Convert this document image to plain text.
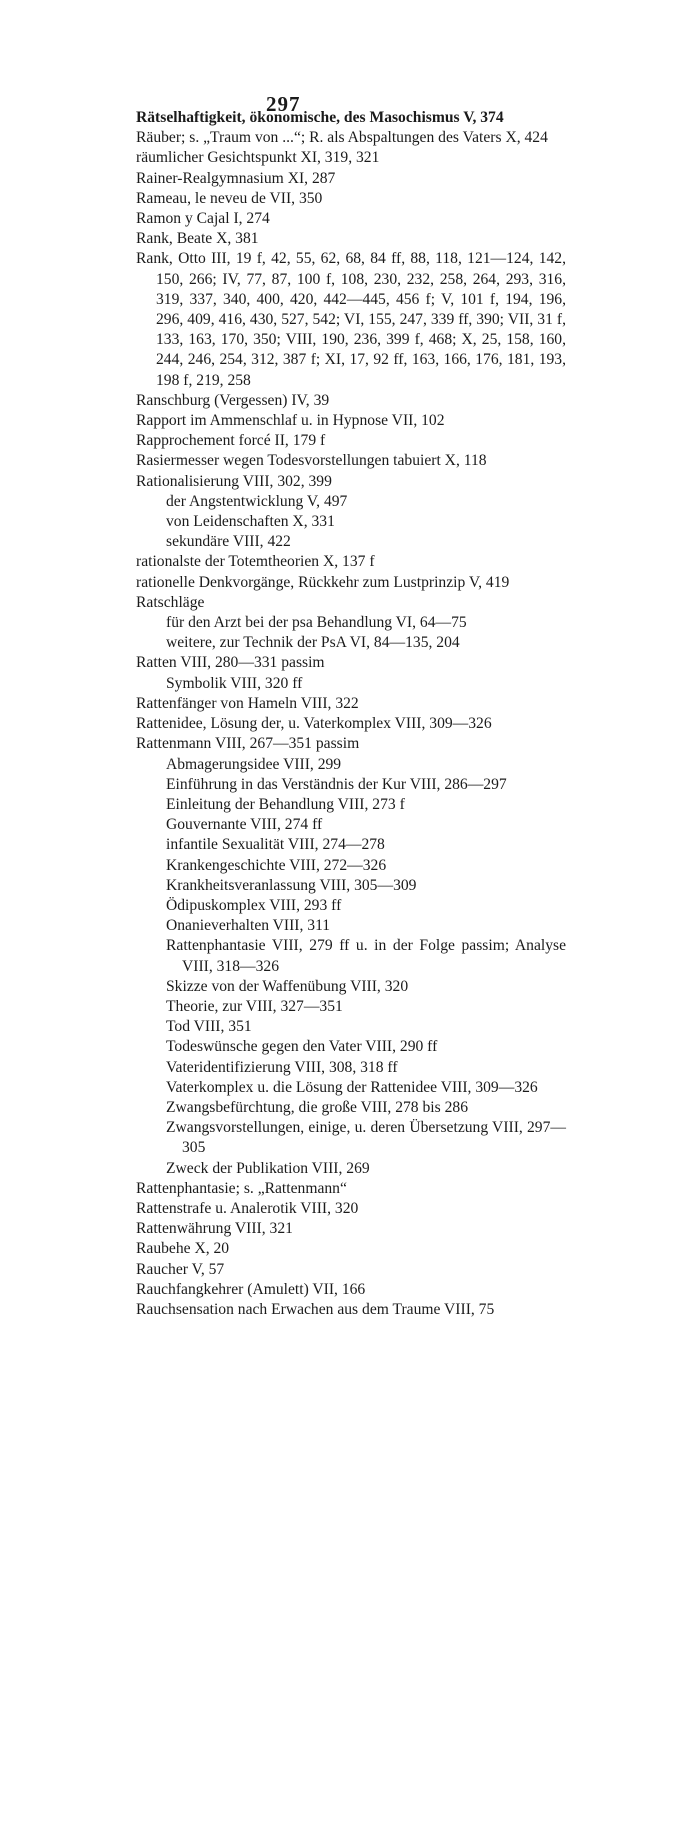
297

Rätselhaftigkeit, ökonomische, des Masochismus V, 374

Räuber; s. „Traum von ...“; R. als Abspaltungen des Vaters X, 424

räumlicher Gesichtspunkt XI, 319, 321

Rainer-Realgymnasium XI, 287

Rameau, le neveu de VII, 350

Ramon y Cajal I, 274

Rank, Beate X, 381

Rank, Otto III, 19 f, 42, 55, 62, 68, 84 ff, 88, 118, 121—124, 142, 150, 266; IV, 77, 87, 100 f, 108, 230, 232, 258, 264, 293, 316, 319, 337, 340, 400, 420, 442—445, 456 f; V, 101 f, 194, 196, 296, 409, 416, 430, 527, 542; VI, 155, 247, 339 ff, 390; VII, 31 f, 133, 163, 170, 350; VIII, 190, 236, 399 f, 468; X, 25, 158, 160, 244, 246, 254, 312, 387 f; XI, 17, 92 ff, 163, 166, 176, 181, 193, 198 f, 219, 258

Ranschburg (Vergessen) IV, 39

Rapport im Ammenschlaf u. in Hypnose VII, 102

Rapprochement forcé II, 179 f

Rasiermesser wegen Todesvorstellungen tabuiert X, 118

Rationalisierung VIII, 302, 399

der Angstentwicklung V, 497

von Leidenschaften X, 331

sekundäre VIII, 422

rationalste der Totemtheorien X, 137 f

rationelle Denkvorgänge, Rückkehr zum Lustprinzip V, 419

Ratschläge

für den Arzt bei der psa Behandlung VI, 64—75

weitere, zur Technik der PsA VI, 84—135, 204

Ratten VIII, 280—331 passim

Symbolik VIII, 320 ff

Rattenfänger von Hameln VIII, 322

Rattenidee, Lösung der, u. Vaterkomplex VIII, 309—326

Rattenmann VIII, 267—351 passim

Abmagerungsidee VIII, 299

Einführung in das Verständnis der Kur VIII, 286—297

Einleitung der Behandlung VIII, 273 f

Gouvernante VIII, 274 ff

infantile Sexualität VIII, 274—278

Krankengeschichte VIII, 272—326

Krankheitsveranlassung VIII, 305—309

Ödipuskomplex VIII, 293 ff

Onanieverhalten VIII, 311

Rattenphantasie VIII, 279 ff u. in der Folge passim; Analyse VIII, 318—326

Skizze von der Waffenübung VIII, 320

Theorie, zur VIII, 327—351

Tod VIII, 351

Todeswünsche gegen den Vater VIII, 290 ff

Vateridentifizierung VIII, 308, 318 ff

Vaterkomplex u. die Lösung der Rattenidee VIII, 309—326

Zwangsbefürchtung, die große VIII, 278 bis 286

Zwangsvorstellungen, einige, u. deren Übersetzung VIII, 297—305

Zweck der Publikation VIII, 269

Rattenphantasie; s. „Rattenmann“

Rattenstrafe u. Analerotik VIII, 320

Rattenwährung VIII, 321

Raubehe X, 20

Raucher V, 57

Rauchfangkehrer (Amulett) VII, 166

Rauchsensation nach Erwachen aus dem Traume VIII, 75
